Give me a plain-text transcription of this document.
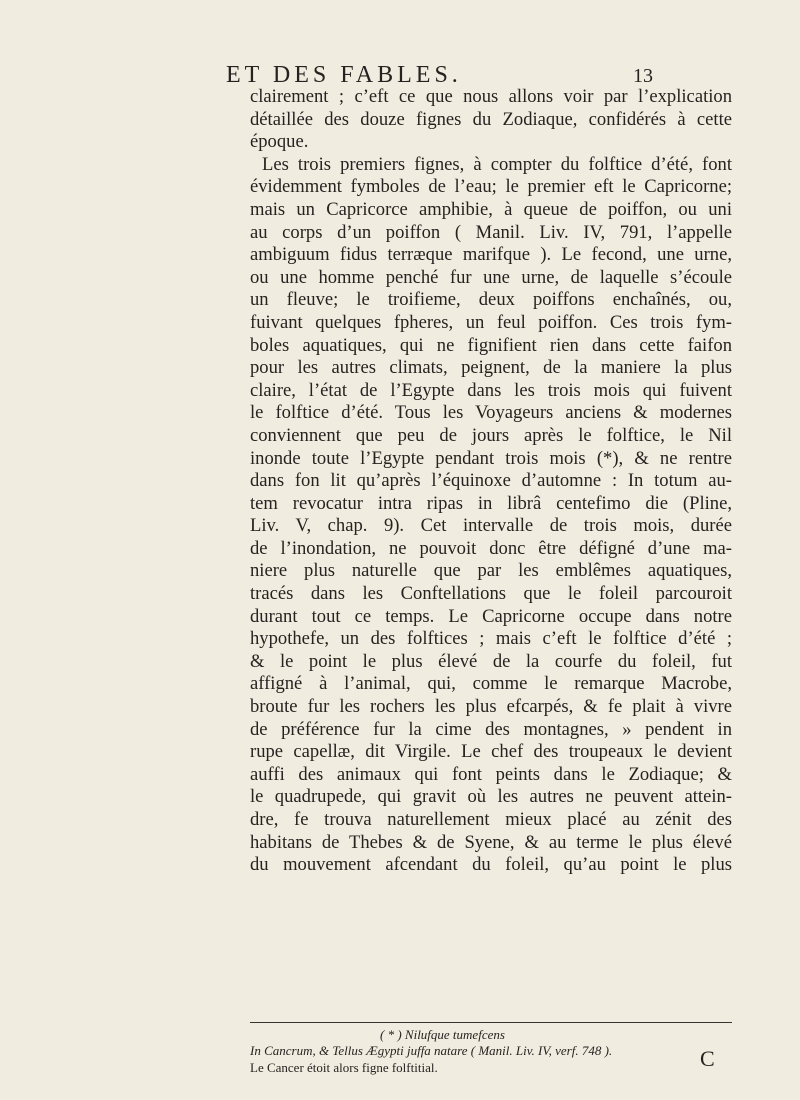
ET DES FABLES.	13
clairement ; c’eft ce que nous allons voir par l’explication
détaillée des douze fignes du Zodiaque, confidérés à cette
époque.
Les trois premiers fignes, à compter du folftice d’été, font
évidemment fymboles de l’eau; le premier eft le Capricorne;
mais un Capricorce amphibie, à queue de poiffon, ou uni
au corps d’un poiffon ( Manil. Liv. IV, 791, l’appelle
ambiguum fidus terræque marifque ). Le fecond, une urne,
ou une homme penché fur une urne, de laquelle s’écoule
un fleuve; le troifieme, deux poiffons enchaînés, ou,
fuivant quelques fpheres, un feul poiffon. Ces trois fym-
boles aquatiques, qui ne fignifient rien dans cette faifon
pour les autres climats, peignent, de la maniere la plus
claire, l’état de l’Egypte dans les trois mois qui fuivent
le folftice d’été. Tous les Voyageurs anciens & modernes
conviennent que peu de jours après le folftice, le Nil
inonde toute l’Egypte pendant trois mois (*), & ne rentre
dans fon lit qu’après l’équinoxe d’automne : In totum au-
tem revocatur intra ripas in librâ centefimo die (Pline,
Liv. V, chap. 9). Cet intervalle de trois mois, durée
de l’inondation, ne pouvoit donc être défigné d’une ma-
niere plus naturelle que par les emblêmes aquatiques,
tracés dans les Conftellations que le foleil parcouroit
durant tout ce temps. Le Capricorne occupe dans notre
hypothefe, un des folftices ; mais c’eft le folftice d’été ;
& le point le plus élevé de la courfe du foleil, fut
affigné à l’animal, qui, comme le remarque Macrobe,
broute fur les rochers les plus efcarpés, & fe plait à vivre
de préférence fur la cime des montagnes, » pendent in
rupe capellæ, dit Virgile. Le chef des troupeaux le devient
auffi des animaux qui font peints dans le Zodiaque; &
le quadrupede, qui gravit où les autres ne peuvent attein-
dre, fe trouva naturellement mieux placé au zénit des
habitans de Thebes & de Syene, & au terme le plus élevé
du mouvement afcendant du foleil, qu’au point le plus
( * ) Nilufque tumefcens
In Cancrum, & Tellus Ægypti juffa natare ( Manil. Liv. IV, verf. 748 ).
Le Cancer étoit alors figne folftitial.	C
